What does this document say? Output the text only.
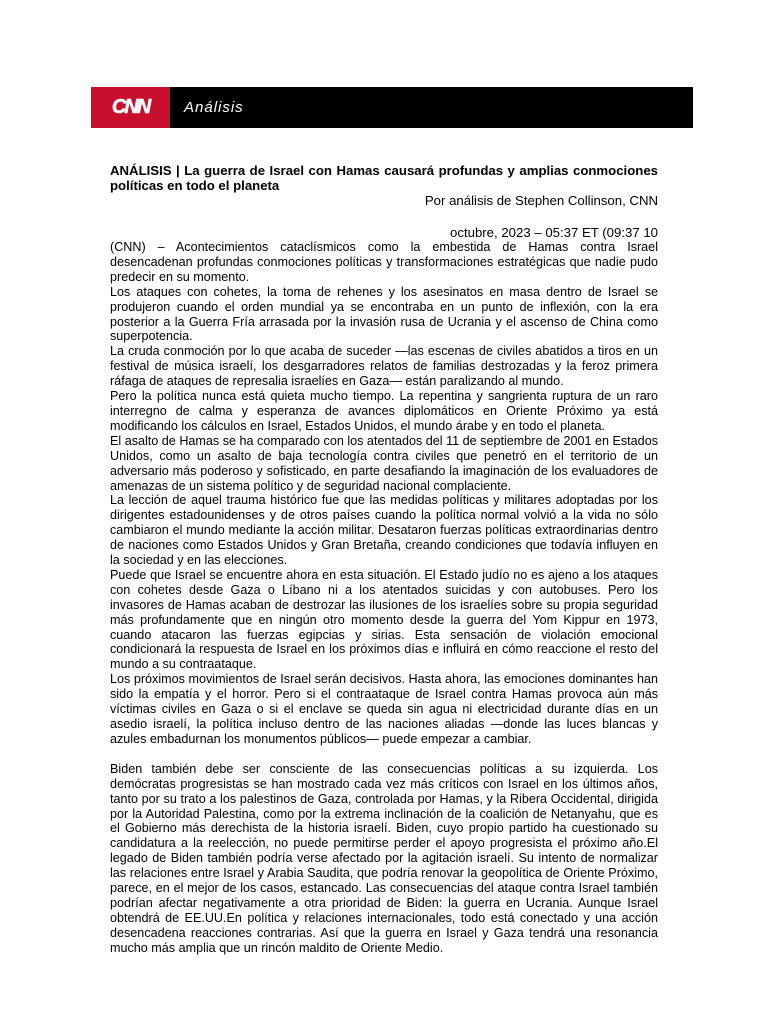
CNN Análisis
ANÁLISIS | La guerra de Israel con Hamas causará profundas y amplias conmociones políticas en todo el planeta
Por análisis de Stephen Collinson, CNN
octubre, 2023 – 05:37 ET (09:37 10

(CNN) – Acontecimientos cataclísmicos como la embestida de Hamas contra Israel desencadenan profundas conmociones políticas y transformaciones estratégicas que nadie pudo predecir en su momento.

Los ataques con cohetes, la toma de rehenes y los asesinatos en masa dentro de Israel se produjeron cuando el orden mundial ya se encontraba en un punto de inflexión, con la era posterior a la Guerra Fría arrasada por la invasión rusa de Ucrania y el ascenso de China como superpotencia.

La cruda conmoción por lo que acaba de suceder —las escenas de civiles abatidos a tiros en un festival de música israelí, los desgarradores relatos de familias destrozadas y la feroz primera ráfaga de ataques de represalia israelíes en Gaza— están paralizando al mundo.

Pero la política nunca está quieta mucho tiempo. La repentina y sangrienta ruptura de un raro interregno de calma y esperanza de avances diplomáticos en Oriente Próximo ya está modificando los cálculos en Israel, Estados Unidos, el mundo árabe y en todo el planeta.

El asalto de Hamas se ha comparado con los atentados del 11 de septiembre de 2001 en Estados Unidos, como un asalto de baja tecnología contra civiles que penetró en el territorio de un adversario más poderoso y sofisticado, en parte desafiando la imaginación de los evaluadores de amenazas de un sistema político y de seguridad nacional complaciente.

La lección de aquel trauma histórico fue que las medidas políticas y militares adoptadas por los dirigentes estadounidenses y de otros países cuando la política normal volvió a la vida no sólo cambiaron el mundo mediante la acción militar. Desataron fuerzas políticas extraordinarias dentro de naciones como Estados Unidos y Gran Bretaña, creando condiciones que todavía influyen en la sociedad y en las elecciones.

Puede que Israel se encuentre ahora en esta situación. El Estado judío no es ajeno a los ataques con cohetes desde Gaza o Líbano ni a los atentados suicidas y con autobuses. Pero los invasores de Hamas acaban de destrozar las ilusiones de los israelíes sobre su propia seguridad más profundamente que en ningún otro momento desde la guerra del Yom Kippur en 1973, cuando atacaron las fuerzas egipcias y sirias. Esta sensación de violación emocional condicionará la respuesta de Israel en los próximos días e influirá en cómo reaccione el resto del mundo a su contraataque.

Los próximos movimientos de Israel serán decisivos. Hasta ahora, las emociones dominantes han sido la empatía y el horror. Pero si el contraataque de Israel contra Hamas provoca aún más víctimas civiles en Gaza o si el enclave se queda sin agua ni electricidad durante días en un asedio israelí, la política incluso dentro de las naciones aliadas —donde las luces blancas y azules embadurnan los monumentos públicos— puede empezar a cambiar.

Biden también debe ser consciente de las consecuencias políticas a su izquierda. Los demócratas progresistas se han mostrado cada vez más críticos con Israel en los últimos años, tanto por su trato a los palestinos de Gaza, controlada por Hamas, y la Ribera Occidental, dirigida por la Autoridad Palestina, como por la extrema inclinación de la coalición de Netanyahu, que es el Gobierno más derechista de la historia israelí. Biden, cuyo propio partido ha cuestionado su candidatura a la reelección, no puede permitirse perder el apoyo progresista el próximo año.El legado de Biden también podría verse afectado por la agitación israelí. Su intento de normalizar las relaciones entre Israel y Arabia Saudita, que podría renovar la geopolítica de Oriente Próximo, parece, en el mejor de los casos, estancado. Las consecuencias del ataque contra Israel también podrían afectar negativamente a otra prioridad de Biden: la guerra en Ucrania. Aunque Israel obtendrá de EE.UU.En política y relaciones internacionales, todo está conectado y una acción desencadena reacciones contrarias. Así que la guerra en Israel y Gaza tendrá una resonancia mucho más amplia que un rincón maldito de Oriente Medio.
